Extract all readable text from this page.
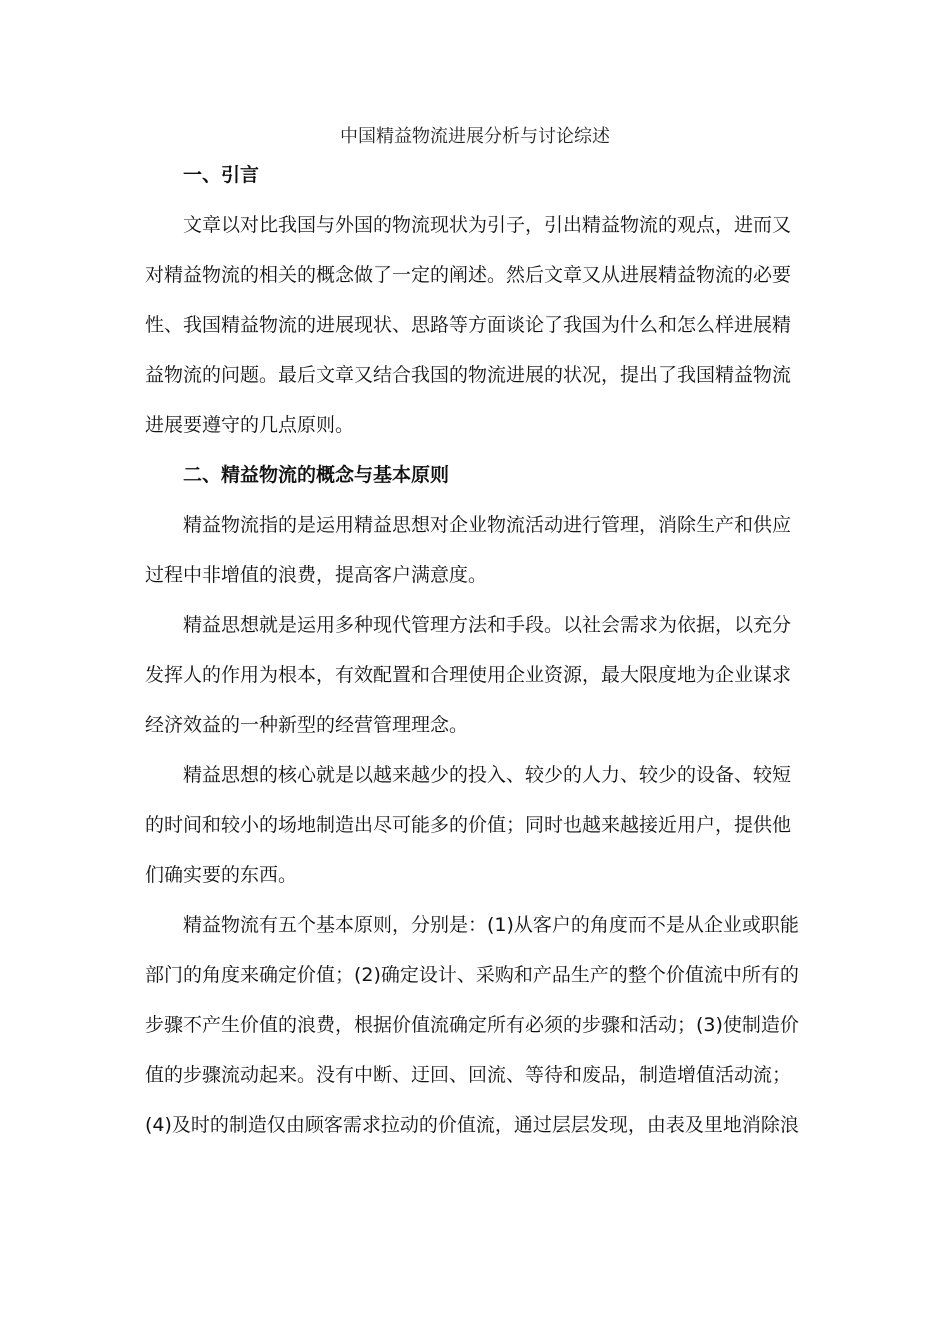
中国精益物流进展分析与讨论综述
一、引言
文章以对比我国与外国的物流现状为引子，引出精益物流的观点，进而又
对精益物流的相关的概念做了一定的阐述。然后文章又从进展精益物流的必要
性、我国精益物流的进展现状、思路等方面谈论了我国为什么和怎么样进展精
益物流的问题。最后文章又结合我国的物流进展的状况，提出了我国精益物流
进展要遵守的几点原则。
二、精益物流的概念与基本原则
精益物流指的是运用精益思想对企业物流活动进行管理，消除生产和供应
过程中非增值的浪费，提高客户满意度。
精益思想就是运用多种现代管理方法和手段。以社会需求为依据，以充分
发挥人的作用为根本，有效配置和合理使用企业资源，最大限度地为企业谋求
经济效益的一种新型的经营管理理念。
精益思想的核心就是以越来越少的投入、较少的人力、较少的设备、较短
的时间和较小的场地制造出尽可能多的价值；同时也越来越接近用户，提供他
们确实要的东西。
精益物流有五个基本原则，分别是：(1)从客户的角度而不是从企业或职能
部门的角度来确定价值；(2)确定设计、采购和产品生产的整个价值流中所有的
步骤不产生价值的浪费，根据价值流确定所有必须的步骤和活动；(3)使制造价
值的步骤流动起来。没有中断、迂回、回流、等待和废品，制造增值活动流；
(4)及时的制造仅由顾客需求拉动的价值流，通过层层发现，由表及里地消除浪
